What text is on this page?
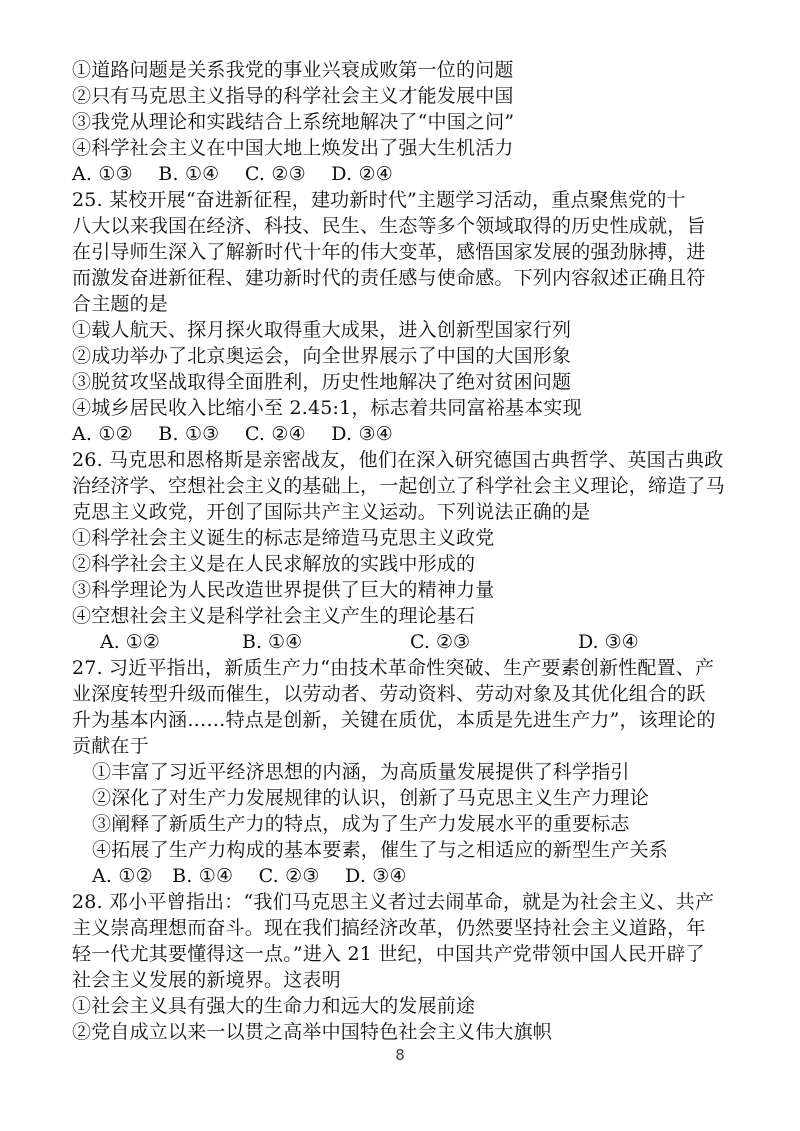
①道路问题是关系我党的事业兴衰成败第一位的问题
②只有马克思主义指导的科学社会主义才能发展中国
③我党从理论和实践结合上系统地解决了“中国之问”
④科学社会主义在中国大地上焕发出了强大生机活力
A. ①③　 B. ①④　 C. ②③　 D. ②④
25. 某校开展“奋进新征程，建功新时代”主题学习活动，重点聚焦党的十
八大以来我国在经济、科技、民生、生态等多个领域取得的历史性成就，旨
在引导师生深入了解新时代十年的伟大变革，感悟国家发展的强劲脉搏，进
而激发奋进新征程、建功新时代的责任感与使命感。下列内容叙述正确且符
合主题的是
①载人航天、探月探火取得重大成果，进入创新型国家行列
②成功举办了北京奥运会，向全世界展示了中国的大国形象
③脱贫攻坚战取得全面胜利，历史性地解决了绝对贫困问题
④城乡居民收入比缩小至 2.45:1，标志着共同富裕基本实现
A. ①②　 B. ①③　 C. ②④　 D. ③④
26. 马克思和恩格斯是亲密战友，他们在深入研究德国古典哲学、英国古典政
治经济学、空想社会主义的基础上，一起创立了科学社会主义理论，缔造了马
克思主义政党，开创了国际共产主义运动。下列说法正确的是
①科学社会主义诞生的标志是缔造马克思主义政党
②科学社会主义是在人民求解放的实践中形成的
③科学理论为人民改造世界提供了巨大的精神力量
④空想社会主义是科学社会主义产生的理论基石
A. ①②	B. ①④	C. ②③	D. ③④
27. 习近平指出，新质生产力“由技术革命性突破、生产要素创新性配置、产
业深度转型升级而催生，以劳动者、劳动资料、劳动对象及其优化组合的跃
升为基本内涵……特点是创新，关键在质优，本质是先进生产力”，该理论的
贡献在于
①丰富了习近平经济思想的内涵，为高质量发展提供了科学指引
②深化了对生产力发展规律的认识，创新了马克思主义生产力理论
③阐释了新质生产力的特点，成为了生产力发展水平的重要标志
④拓展了生产力构成的基本要素，催生了与之相适应的新型生产关系
A. ①②　B. ①④　 C. ②③　 D. ③④
28. 邓小平曾指出：“我们马克思主义者过去闹革命，就是为社会主义、共产
主义崇高理想而奋斗。现在我们搞经济改革，仍然要坚持社会主义道路，年
轻一代尤其要懂得这一点。”进入 21 世纪，中国共产党带领中国人民开辟了
社会主义发展的新境界。这表明
①社会主义具有强大的生命力和远大的发展前途
②党自成立以来一以贯之高举中国特色社会主义伟大旗帜
8
